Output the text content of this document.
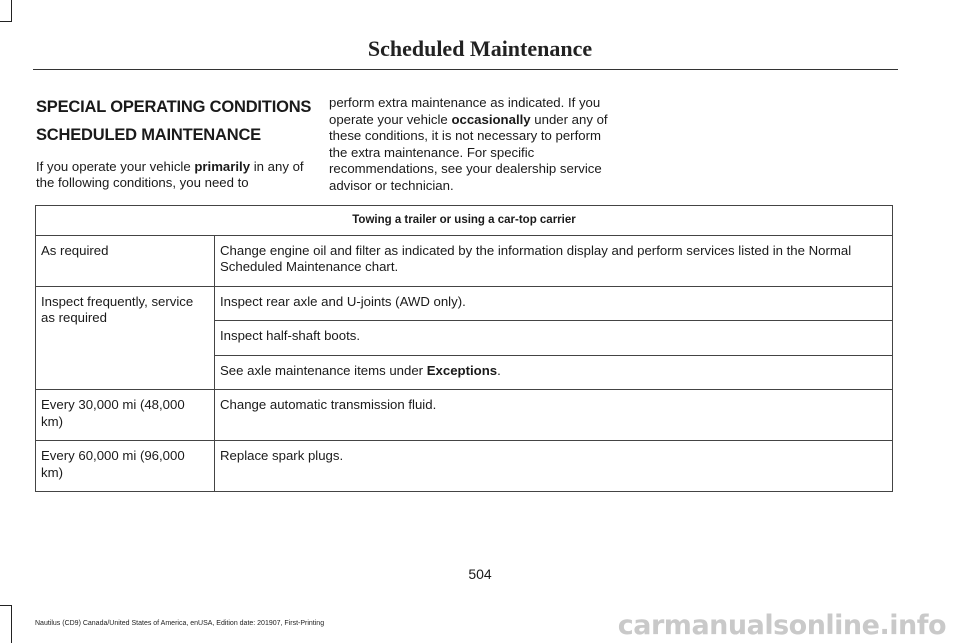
Scheduled Maintenance
SPECIAL OPERATING CONDITIONS
SCHEDULED MAINTENANCE

If you operate your vehicle primarily in any of the following conditions, you need to

perform extra maintenance as indicated. If you operate your vehicle occasionally under any of these conditions, it is not necessary to perform the extra maintenance. For specific recommendations, see your dealership service advisor or technician.

Towing a trailer or using a car-top carrier	
As required	Change engine oil and filter as indicated by the information display and perform services listed in the Normal Scheduled Maintenance chart.
Inspect frequently, service as required	Inspect rear axle and U-joints (AWD only).
	Inspect half-shaft boots.
	See axle maintenance items under Exceptions.
Every 30,000 mi (48,000 km)	Change automatic transmission fluid.
Every 60,000 mi (96,000 km)	Replace spark plugs.
504
Nautilus (CD9) Canada/United States of America, enUSA, Edition date: 201907, First-Printing	carmanualsonline.info
